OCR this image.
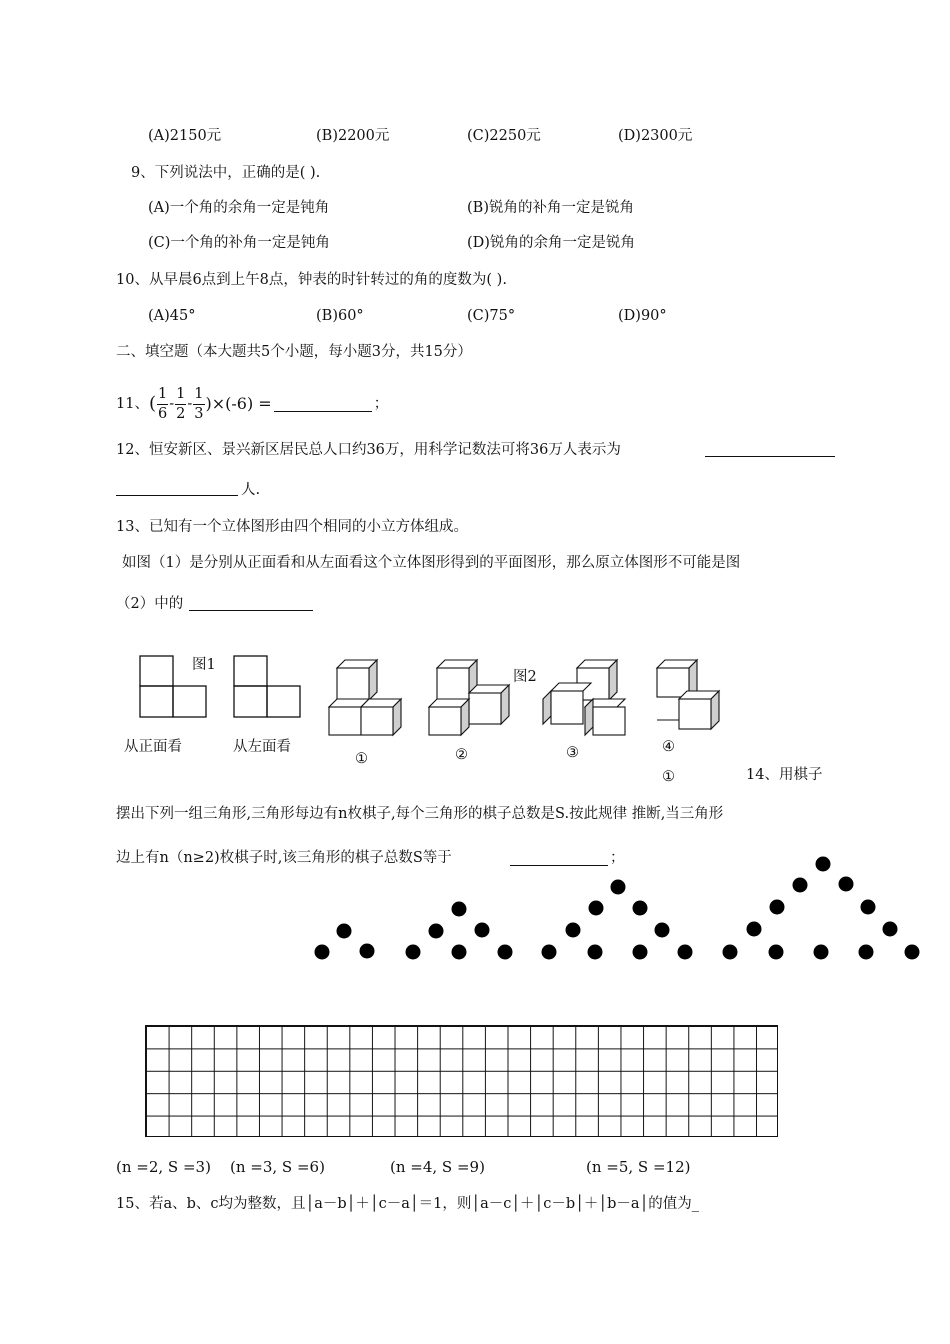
(A)2150元	(B)2200元	(C)2250元	(D)2300元
9、下列说法中，正确的是( ).
(A)一个角的余角一定是钝角	(B)锐角的补角一定是锐角
(C)一个角的补角一定是钝角	(D)锐角的余角一定是锐角
10、从早晨6点到上午8点，钟表的时针转过的角的度数为( ).
(A)45°	(B)60°	(C)75°	(D)90°
二、填空题（本大题共5个小题，每小题3分，共15分）
11、 ( $\frac{1}{6} - \frac{1}{2} - \frac{1}{3} )\times(-6)$ =	；
12、恒安新区、景兴新区居民总人口约36万，用科学记数法可将36万人表示为
人.
13、已知有一个立体图形由四个相同的小立方体组成。
如图（1）是分别从正面看和从左面看这个立体图形得到的平面图形，那么原立体图形不可能是图
（2）中的
图1
图2
从正面看	从左面看
①	②	③	④
①	14、用棋子
摆出下列一组三角形,三角形每边有n枚棋子,每个三角形的棋子总数是S.按此规律 推断,当三角形
边上有n（n≥2)枚棋子时,该三角形的棋子总数S等于	；
(n =2, S =3) (n =3, S =6)	(n =4, S =9)	(n =5, S =12)
15、若a、b、c均为整数，且│a－b│＋│c－a│＝1，则│a－c│＋│c－b│＋│b－a│的值为_
